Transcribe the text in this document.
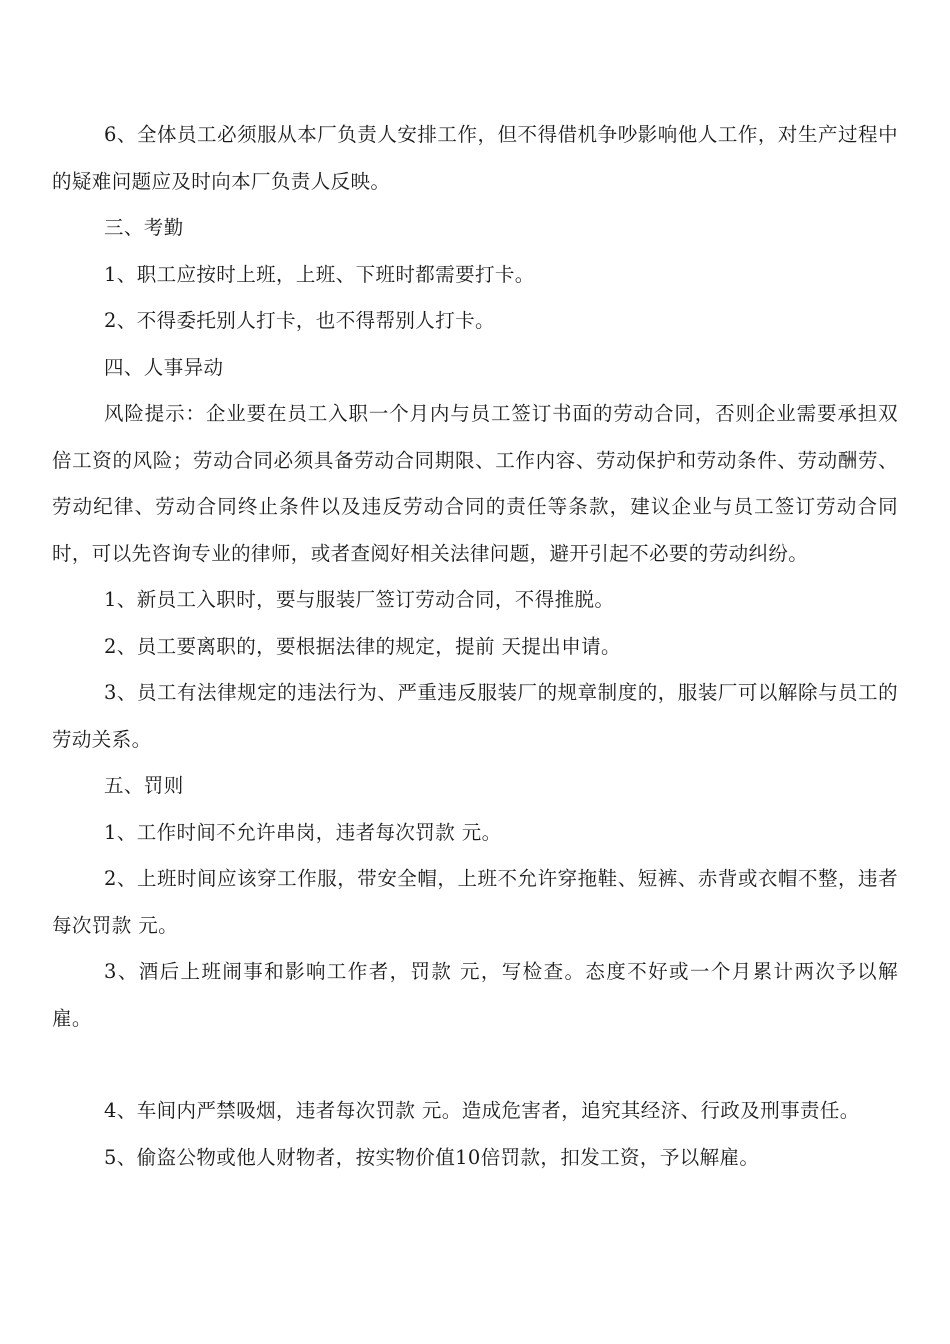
6、全体员工必须服从本厂负责人安排工作，但不得借机争吵影响他人工作，对生产过程中的疑难问题应及时向本厂负责人反映。

三、考勤

1、职工应按时上班，上班、下班时都需要打卡。

2、不得委托别人打卡，也不得帮别人打卡。

四、人事异动

风险提示：企业要在员工入职一个月内与员工签订书面的劳动合同，否则企业需要承担双倍工资的风险；劳动合同必须具备劳动合同期限、工作内容、劳动保护和劳动条件、劳动酬劳、劳动纪律、劳动合同终止条件以及违反劳动合同的责任等条款，建议企业与员工签订劳动合同时，可以先咨询专业的律师，或者查阅好相关法律问题，避开引起不必要的劳动纠纷。

1、新员工入职时，要与服装厂签订劳动合同，不得推脱。

2、员工要离职的，要根据法律的规定，提前 天提出申请。

3、员工有法律规定的违法行为、严重违反服装厂的规章制度的，服装厂可以解除与员工的劳动关系。

五、罚则

1、工作时间不允许串岗，违者每次罚款 元。

2、上班时间应该穿工作服，带安全帽，上班不允许穿拖鞋、短裤、赤背或衣帽不整，违者每次罚款 元。

3、酒后上班闹事和影响工作者，罚款 元，写检查。态度不好或一个月累计两次予以解雇。

4、车间内严禁吸烟，违者每次罚款 元。造成危害者，追究其经济、行政及刑事责任。

5、偷盗公物或他人财物者，按实物价值10倍罚款，扣发工资，予以解雇。
